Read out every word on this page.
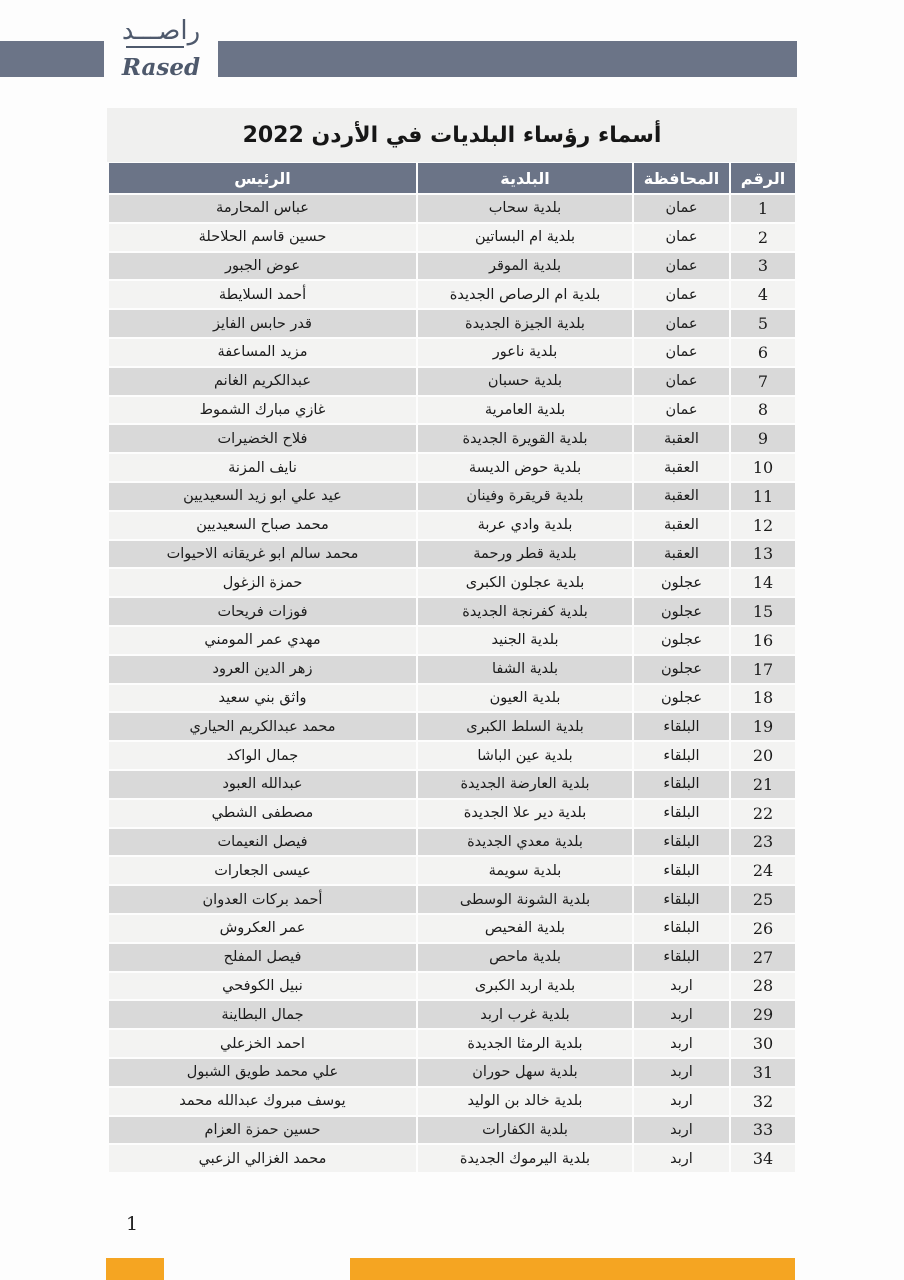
راصـــد
Rased
أسماء رؤساء البلديات في الأردن 2022
الرقم	المحافظة	البلدية	الرئيس
1	عمان	بلدية سحاب	عباس المحارمة
2	عمان	بلدية ام البساتين	حسين قاسم الحلاحلة
3	عمان	بلدية الموقر	عوض الجبور
4	عمان	بلدية ام الرصاص الجديدة	أحمد السلايطة
5	عمان	بلدية الجيزة الجديدة	قدر حابس الفايز
6	عمان	بلدية ناعور	مزيد المساعفة
7	عمان	بلدية حسبان	عبدالكريم الغانم
8	عمان	بلدية العامرية	غازي مبارك الشموط
9	العقبة	بلدية القويرة الجديدة	فلاح الخضيرات
10	العقبة	بلدية حوض الديسة	نايف المزنة
11	العقبة	بلدية قريقرة وفينان	عيد علي ابو زيد السعيديين
12	العقبة	بلدية وادي عربة	محمد صباح السعيديين
13	العقبة	بلدية قطر ورحمة	محمد سالم ابو غريقانه الاحيوات
14	عجلون	بلدية عجلون الكبرى	حمزة الزغول
15	عجلون	بلدية كفرنجة الجديدة	فوزات فريحات
16	عجلون	بلدية الجنيد	مهدي عمر المومني
17	عجلون	بلدية الشفا	زهر الدين العرود
18	عجلون	بلدية العيون	واثق بني سعيد
19	البلقاء	بلدية السلط الكبرى	محمد عبدالكريم الحياري
20	البلقاء	بلدية عين الباشا	جمال الواكد
21	البلقاء	بلدية العارضة الجديدة	عبدالله العبود
22	البلقاء	بلدية دير علا الجديدة	مصطفى الشطي
23	البلقاء	بلدية معدي الجديدة	فيصل النعيمات
24	البلقاء	بلدية سويمة	عيسى الجعارات
25	البلقاء	بلدية الشونة الوسطى	أحمد بركات العدوان
26	البلقاء	بلدية الفحيص	عمر العكروش
27	البلقاء	بلدية ماحص	فيصل المفلح
28	اربد	بلدية اربد الكبرى	نبيل الكوفحي
29	اربد	بلدية غرب اربد	جمال البطاينة
30	اربد	بلدية الرمثا الجديدة	احمد الخزعلي
31	اربد	بلدية سهل حوران	علي محمد طويق الشبول
32	اربد	بلدية خالد بن الوليد	يوسف مبروك عبدالله محمد
33	اربد	بلدية الكفارات	حسين حمزة العزام
34	اربد	بلدية اليرموك الجديدة	محمد الغزالي الزعبي
1
